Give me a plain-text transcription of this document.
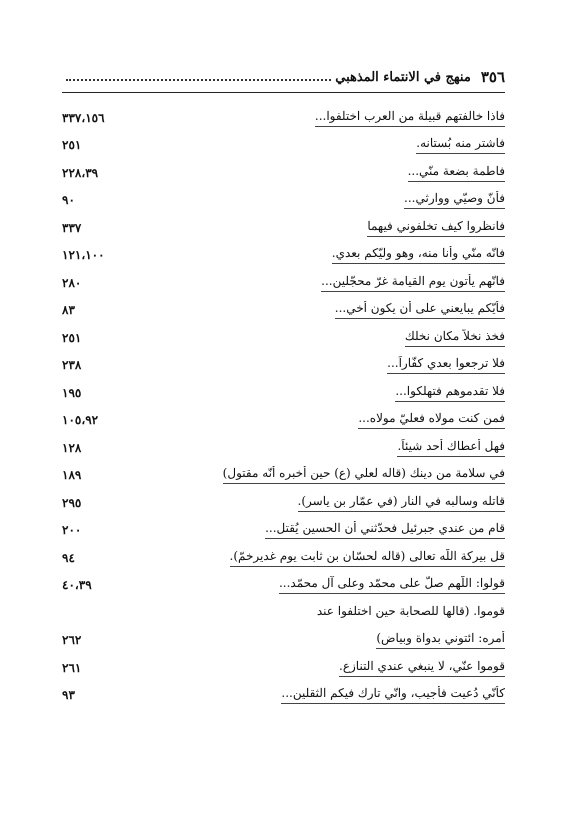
٣٥٦
منهج في الانتماء المذهبي
فاذا خالفتهم قبيلة من العرب اختلفوا...
٣٣٧،١٥٦
فاشتر منه بُستانه.
٢٥١
فاطمة بضعة منّي...
٢٢٨،٣٩
فأنّ وصيّي ووارثي...
٩٠
فانظروا كيف تخلفوني فيهما
٣٣٧
فانّه منّي وأنا منه، وهو وليّكم بعدي.
١٢١،١٠٠
فانّهم يأتون يوم القيامة غرّ محجّلين...
٢٨٠
فأيّكم يبايعني على أن يكون أخي...
٨٣
فخذ نخلاً مكان نخلك
٢٥١
فلا ترجعوا بعدي كفّاراً...
٢٣٨
فلا تقدموهم فتهلكوا...
١٩٥
فمن كنت مولاه فعليّ مولاه...
١٠٥،٩٢
فهل أعطاك أحد شيئاً.
١٢٨
في سلامة من دينك (قاله لعلي (ع) حين أخبره أنّه مقتول)
١٨٩
قاتله وسالبه في النار (في عمّار بن ياسر).
٢٩٥
قام من عندي جبرئيل فحدّثني أن الحسين يُقتل...
٢٠٠
قل بيركة اللّه تعالى (قاله لحسّان بن ثابت يوم غديرخمّ).
٩٤
قولوا: اللّهم صلّ على محمّد وعلى آل محمّد...
٤٠،٣٩
قوموا. (قالها للصحابة حين اختلفوا عند
أمره: ائتوني بدواة وبياض)
٢٦٢
قوموا عنّي، لا ينبغي عندي التنازع.
٢٦١
كأنّي دُعيت فأُجيب، وانّي تارك فيكم الثقلين...
٩٣
